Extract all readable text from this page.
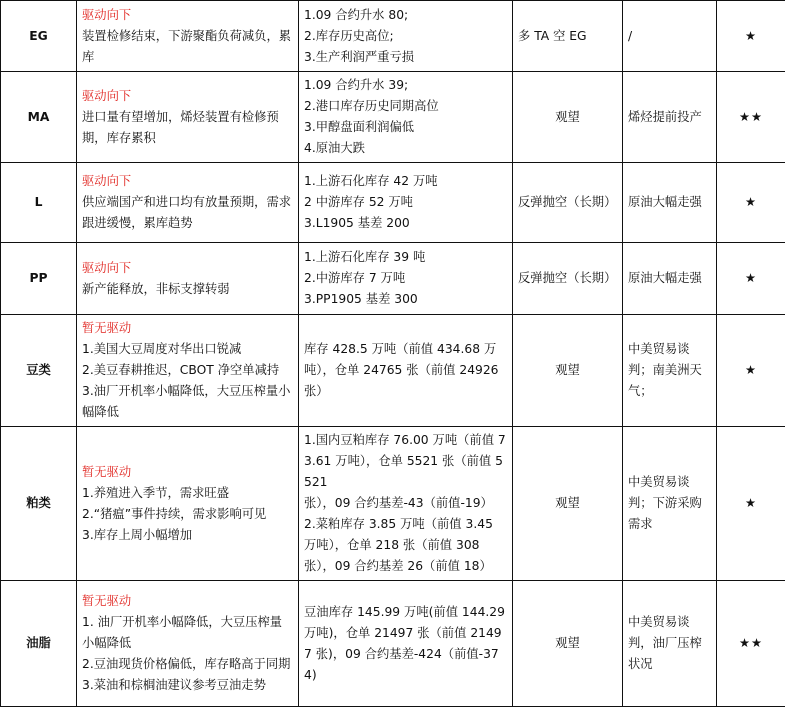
EG	驱动向下
装置检修结束，下游聚酯负荷减负，累库	1.09 合约升水 80;
2.库存历史高位;
3.生产利润严重亏损	多 TA 空 EG	/	★
MA	驱动向下
进口量有望增加，烯烃装置有检修预期，库存累积	1.09 合约升水 39;
2.港口库存历史同期高位
3.甲醇盘面利润偏低
4.原油大跌	观望	烯烃提前投产	★★
L	驱动向下
供应端国产和进口均有放量预期，需求跟进缓慢，累库趋势	1.上游石化库存 42 万吨
2 中游库存 52 万吨
3.L1905 基差 200	反弹抛空（长期）	原油大幅走强	★
PP	驱动向下
新产能释放，非标支撑转弱	1.上游石化库存 39 吨
2.中游库存 7 万吨
3.PP1905 基差 300	反弹抛空（长期）	原油大幅走强	★
豆类	暂无驱动
1.美国大豆周度对华出口锐减
2.美豆春耕推迟，CBOT 净空单减持
3.油厂开机率小幅降低，大豆压榨量小幅降低	库存 428.5 万吨（前值 434.68 万吨），仓单 24765 张（前值 24926 张）	观望	中美贸易谈判；南美洲天气；	★
粕类	暂无驱动
1.养殖进入季节，需求旺盛
2.“猪瘟”事件持续，需求影响可见
3.库存上周小幅增加	1.国内豆粕库存 76.00 万吨（前值 73.61 万吨），仓单 5521 张（前值 5521
张），09 合约基差-43（前值-19）
2.菜粕库存 3.85 万吨（前值 3.45 万吨），仓单 218 张（前值 308 张），09 合约基差 26（前值 18）	观望	中美贸易谈判；下游采购需求	★
油脂	暂无驱动
1. 油厂开机率小幅降低，大豆压榨量小幅降低
2.豆油现货价格偏低，库存略高于同期
3.菜油和棕榈油建议参考豆油走势	豆油库存 145.99 万吨(前值 144.29 万吨)，仓单 21497 张（前值 21497 张)，09 合约基差-424（前值-374)	观望	中美贸易谈判，油厂压榨状况	★★
